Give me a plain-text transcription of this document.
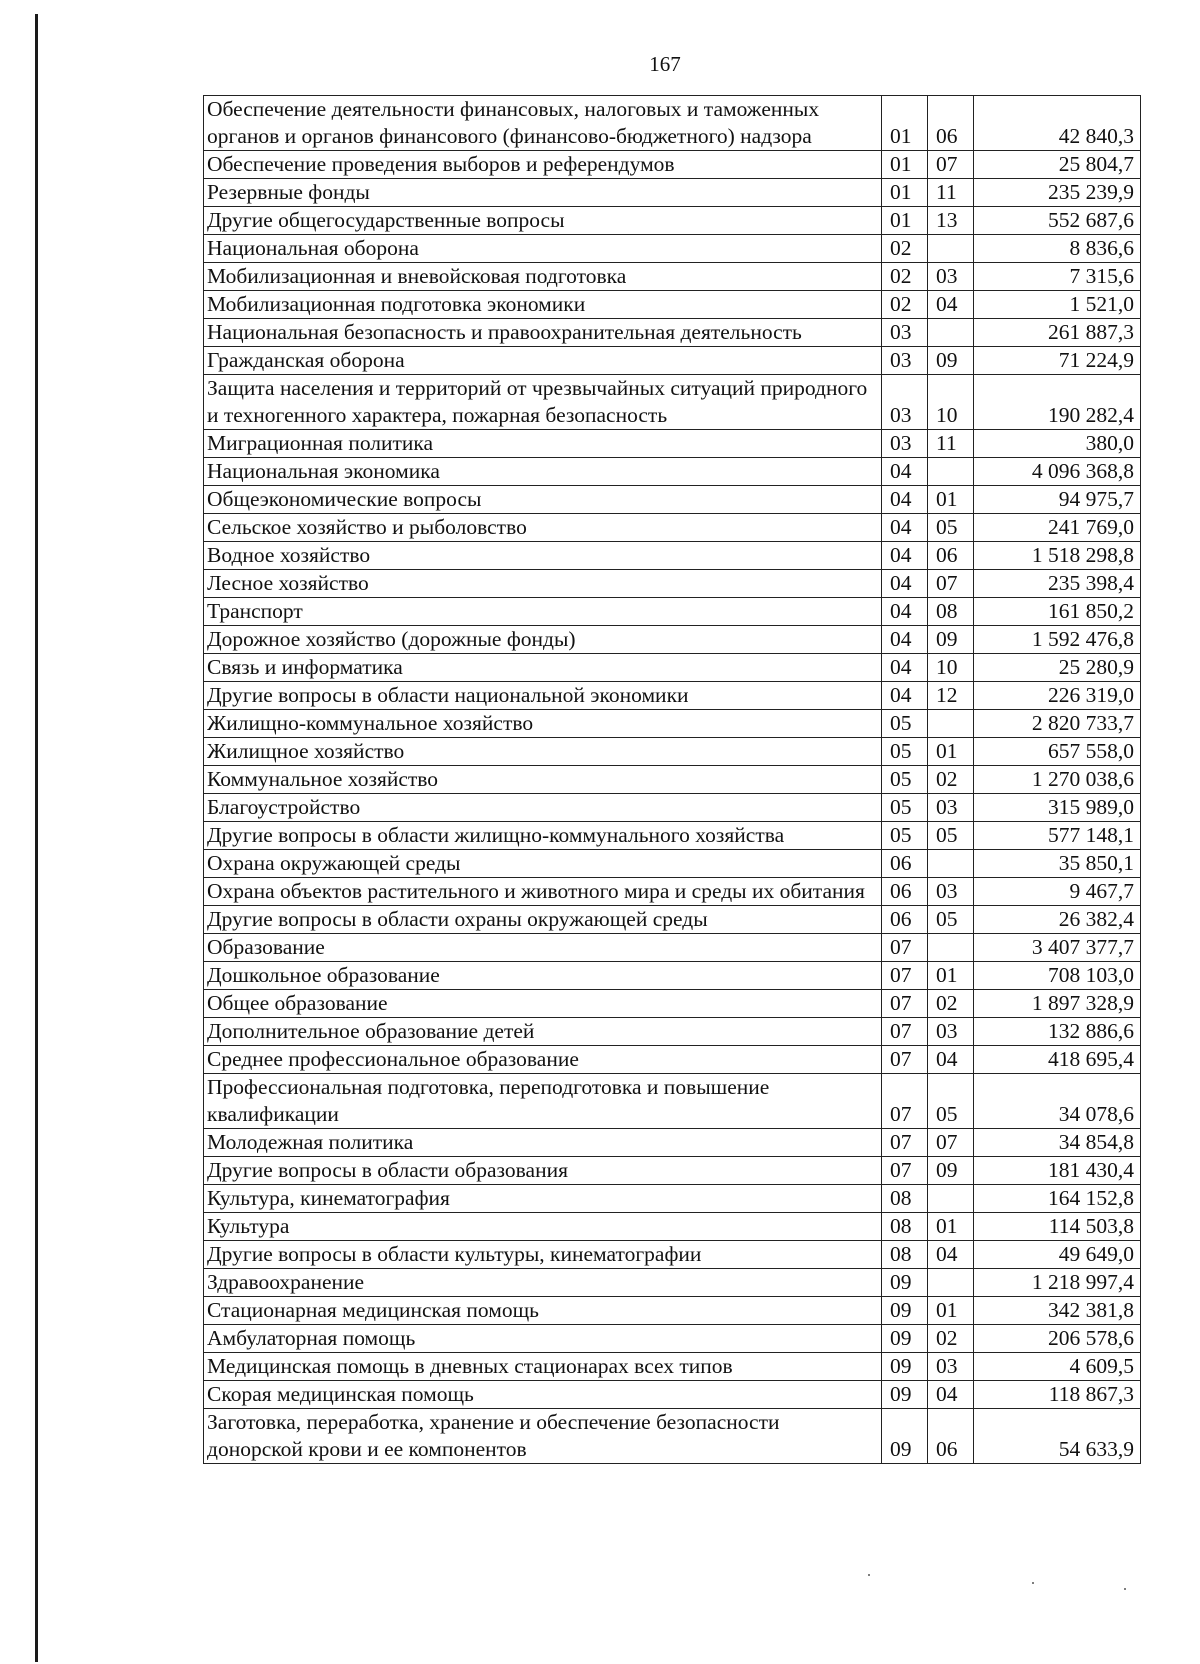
167
Обеспечение деятельности финансовых, налоговых и таможенных органов и органов финансового (финансово-бюджетного) надзора	01	06	42 840,3
Обеспечение проведения выборов и референдумов	01	07	25 804,7
Резервные фонды	01	11	235 239,9
Другие общегосударственные вопросы	01	13	552 687,6
Национальная оборона	02		8 836,6
Мобилизационная и вневойсковая подготовка	02	03	7 315,6
Мобилизационная подготовка экономики	02	04	1 521,0
Национальная безопасность и правоохранительная деятельность	03		261 887,3
Гражданская оборона	03	09	71 224,9
Защита населения и территорий от чрезвычайных ситуаций природного и техногенного характера, пожарная безопасность	03	10	190 282,4
Миграционная политика	03	11	380,0
Национальная экономика	04		4 096 368,8
Общеэкономические вопросы	04	01	94 975,7
Сельское хозяйство и рыболовство	04	05	241 769,0
Водное хозяйство	04	06	1 518 298,8
Лесное хозяйство	04	07	235 398,4
Транспорт	04	08	161 850,2
Дорожное хозяйство (дорожные фонды)	04	09	1 592 476,8
Связь и информатика	04	10	25 280,9
Другие вопросы в области национальной экономики	04	12	226 319,0
Жилищно-коммунальное хозяйство	05		2 820 733,7
Жилищное хозяйство	05	01	657 558,0
Коммунальное хозяйство	05	02	1 270 038,6
Благоустройство	05	03	315 989,0
Другие вопросы в области жилищно-коммунального хозяйства	05	05	577 148,1
Охрана окружающей среды	06		35 850,1
Охрана объектов растительного и животного мира и среды их обитания	06	03	9 467,7
Другие вопросы в области охраны окружающей среды	06	05	26 382,4
Образование	07		3 407 377,7
Дошкольное образование	07	01	708 103,0
Общее образование	07	02	1 897 328,9
Дополнительное образование детей	07	03	132 886,6
Среднее профессиональное образование	07	04	418 695,4
Профессиональная подготовка, переподготовка и повышение квалификации	07	05	34 078,6
Молодежная политика	07	07	34 854,8
Другие вопросы в области образования	07	09	181 430,4
Культура, кинематография	08		164 152,8
Культура	08	01	114 503,8
Другие вопросы в области культуры, кинематографии	08	04	49 649,0
Здравоохранение	09		1 218 997,4
Стационарная медицинская помощь	09	01	342 381,8
Амбулаторная помощь	09	02	206 578,6
Медицинская помощь в дневных стационарах всех типов	09	03	4 609,5
Скорая медицинская помощь	09	04	118 867,3
Заготовка, переработка, хранение и обеспечение безопасности донорской крови и ее компонентов	09	06	54 633,9
